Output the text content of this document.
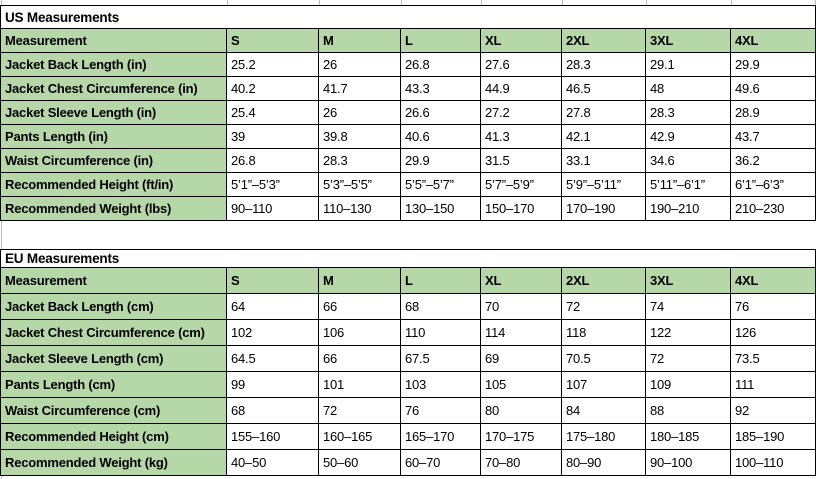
US Measurements							
Measurement	S	M	L	XL	2XL	3XL	4XL
Jacket Back Length (in)	25.2	26	26.8	27.6	28.3	29.1	29.9
Jacket Chest Circumference (in)	40.2	41.7	43.3	44.9	46.5	48	49.6
Jacket Sleeve Length (in)	25.4	26	26.6	27.2	27.8	28.3	28.9
Pants Length (in)	39	39.8	40.6	41.3	42.1	42.9	43.7
Waist Circumference (in)	26.8	28.3	29.9	31.5	33.1	34.6	36.2
Recommended Height (ft/in)	5’1”–5’3”	5’3”–5’5”	5’5”–5’7”	5’7”–5’9”	5’9”–5’11”	5’11”–6’1”	6’1”–6’3”
Recommended Weight (lbs)	90–110	110–130	130–150	150–170	170–190	190–210	210–230
EU Measurements							
Measurement	S	M	L	XL	2XL	3XL	4XL
Jacket Back Length (cm)	64	66	68	70	72	74	76
Jacket Chest Circumference (cm)	102	106	110	114	118	122	126
Jacket Sleeve Length (cm)	64.5	66	67.5	69	70.5	72	73.5
Pants Length (cm)	99	101	103	105	107	109	111
Waist Circumference (cm)	68	72	76	80	84	88	92
Recommended Height (cm)	155–160	160–165	165–170	170–175	175–180	180–185	185–190
Recommended Weight (kg)	40–50	50–60	60–70	70–80	80–90	90–100	100–110
